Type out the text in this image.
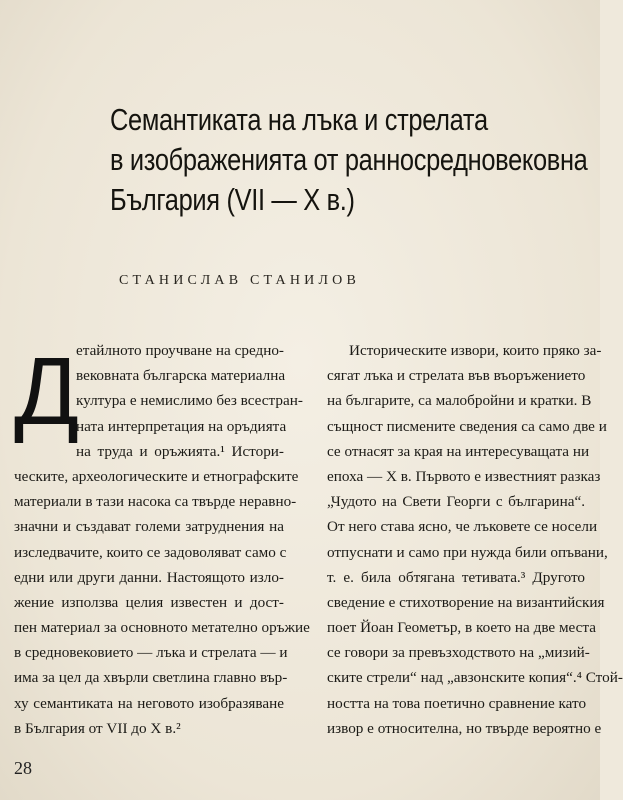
Семантиката на лъка и стрелата
в изображенията от ранносредновековна
България (VII — X в.)
СТАНИСЛАВ СТАНИЛОВ
Д
етайлното проучване на средно-
вековната българска материална
култура е немислимо без всестран-
ната интерпретация на оръдията
на труда и оръжията.¹ Истори-
ческите, археологическите и етнографските
материали в тази насока са твърде неравно-
значни и създават големи затруднения на
изследвачите, които се задоволяват само с
едни или други данни. Настоящото изло-
жение използва целия известен и дост-
пен материал за основното метателно оръжие
в средновековието — лъка и стрелата — и
има за цел да хвърли светлина главно вър-
ху семантиката на неговото изобразяване
в България от VII до X в.²
Историческите извори, които пряко за-
сягат лъка и стрелата във въоръжението
на българите, са малобройни и кратки. В
същност писмените сведения са само две и
се отнасят за края на интересуващата ни
епоха — X в. Първото е известният разказ
„Чудото на Свети Георги с българина“.
От него става ясно, че лъковете се носели
отпуснати и само при нужда били опъвани,
т. е. била обтягана тетивата.³ Другото
сведение е стихотворение на византийския
поет Йоан Геометър, в което на две места
се говори за превъзходството на „мизий-
ските стрели“ над „авзонските копия“.⁴ Стой-
ността на това поетично сравнение като
извор е относителна, но твърде вероятно е
28
